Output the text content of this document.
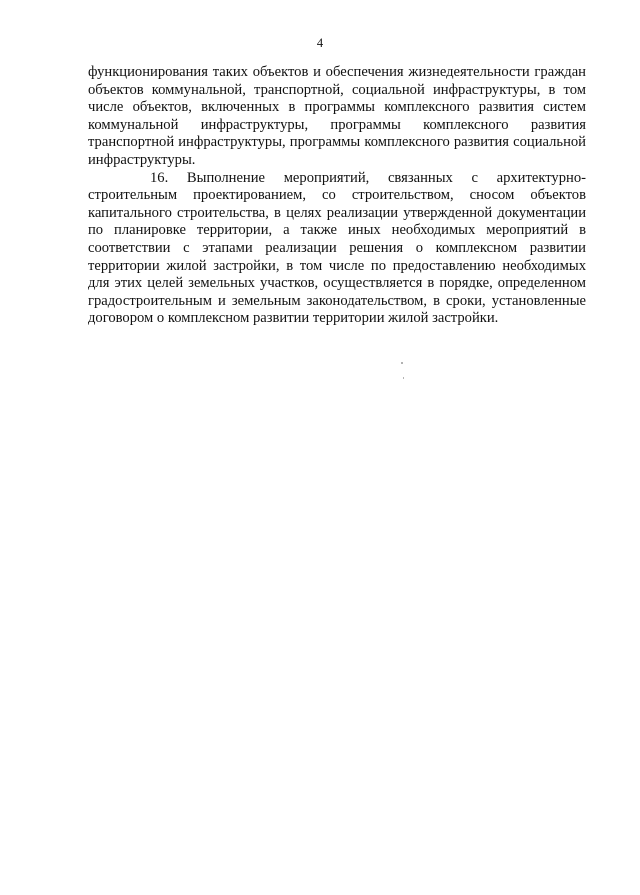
4

функционирования таких объектов и обеспечения жизнедеятельности граждан объектов коммунальной, транспортной, социальной инфраструктуры, в том числе объектов, включенных в программы комплексного развития систем коммунальной инфраструктуры, программы комплексного развития транспортной инфраструктуры, программы комплексного развития социальной инфраструктуры.

16. Выполнение мероприятий, связанных с архитектурно-строительным проектированием, со строительством, сносом объектов капитального строительства, в целях реализации утвержденной документации по планировке территории, а также иных необходимых мероприятий в соответствии с этапами реализации решения о комплексном развитии территории жилой застройки, в том числе по предоставлению необходимых для этих целей земельных участков, осуществляется в порядке, определенном градостроительным и земельным законодательством, в сроки, установленные договором о комплексном развитии территории жилой застройки.
